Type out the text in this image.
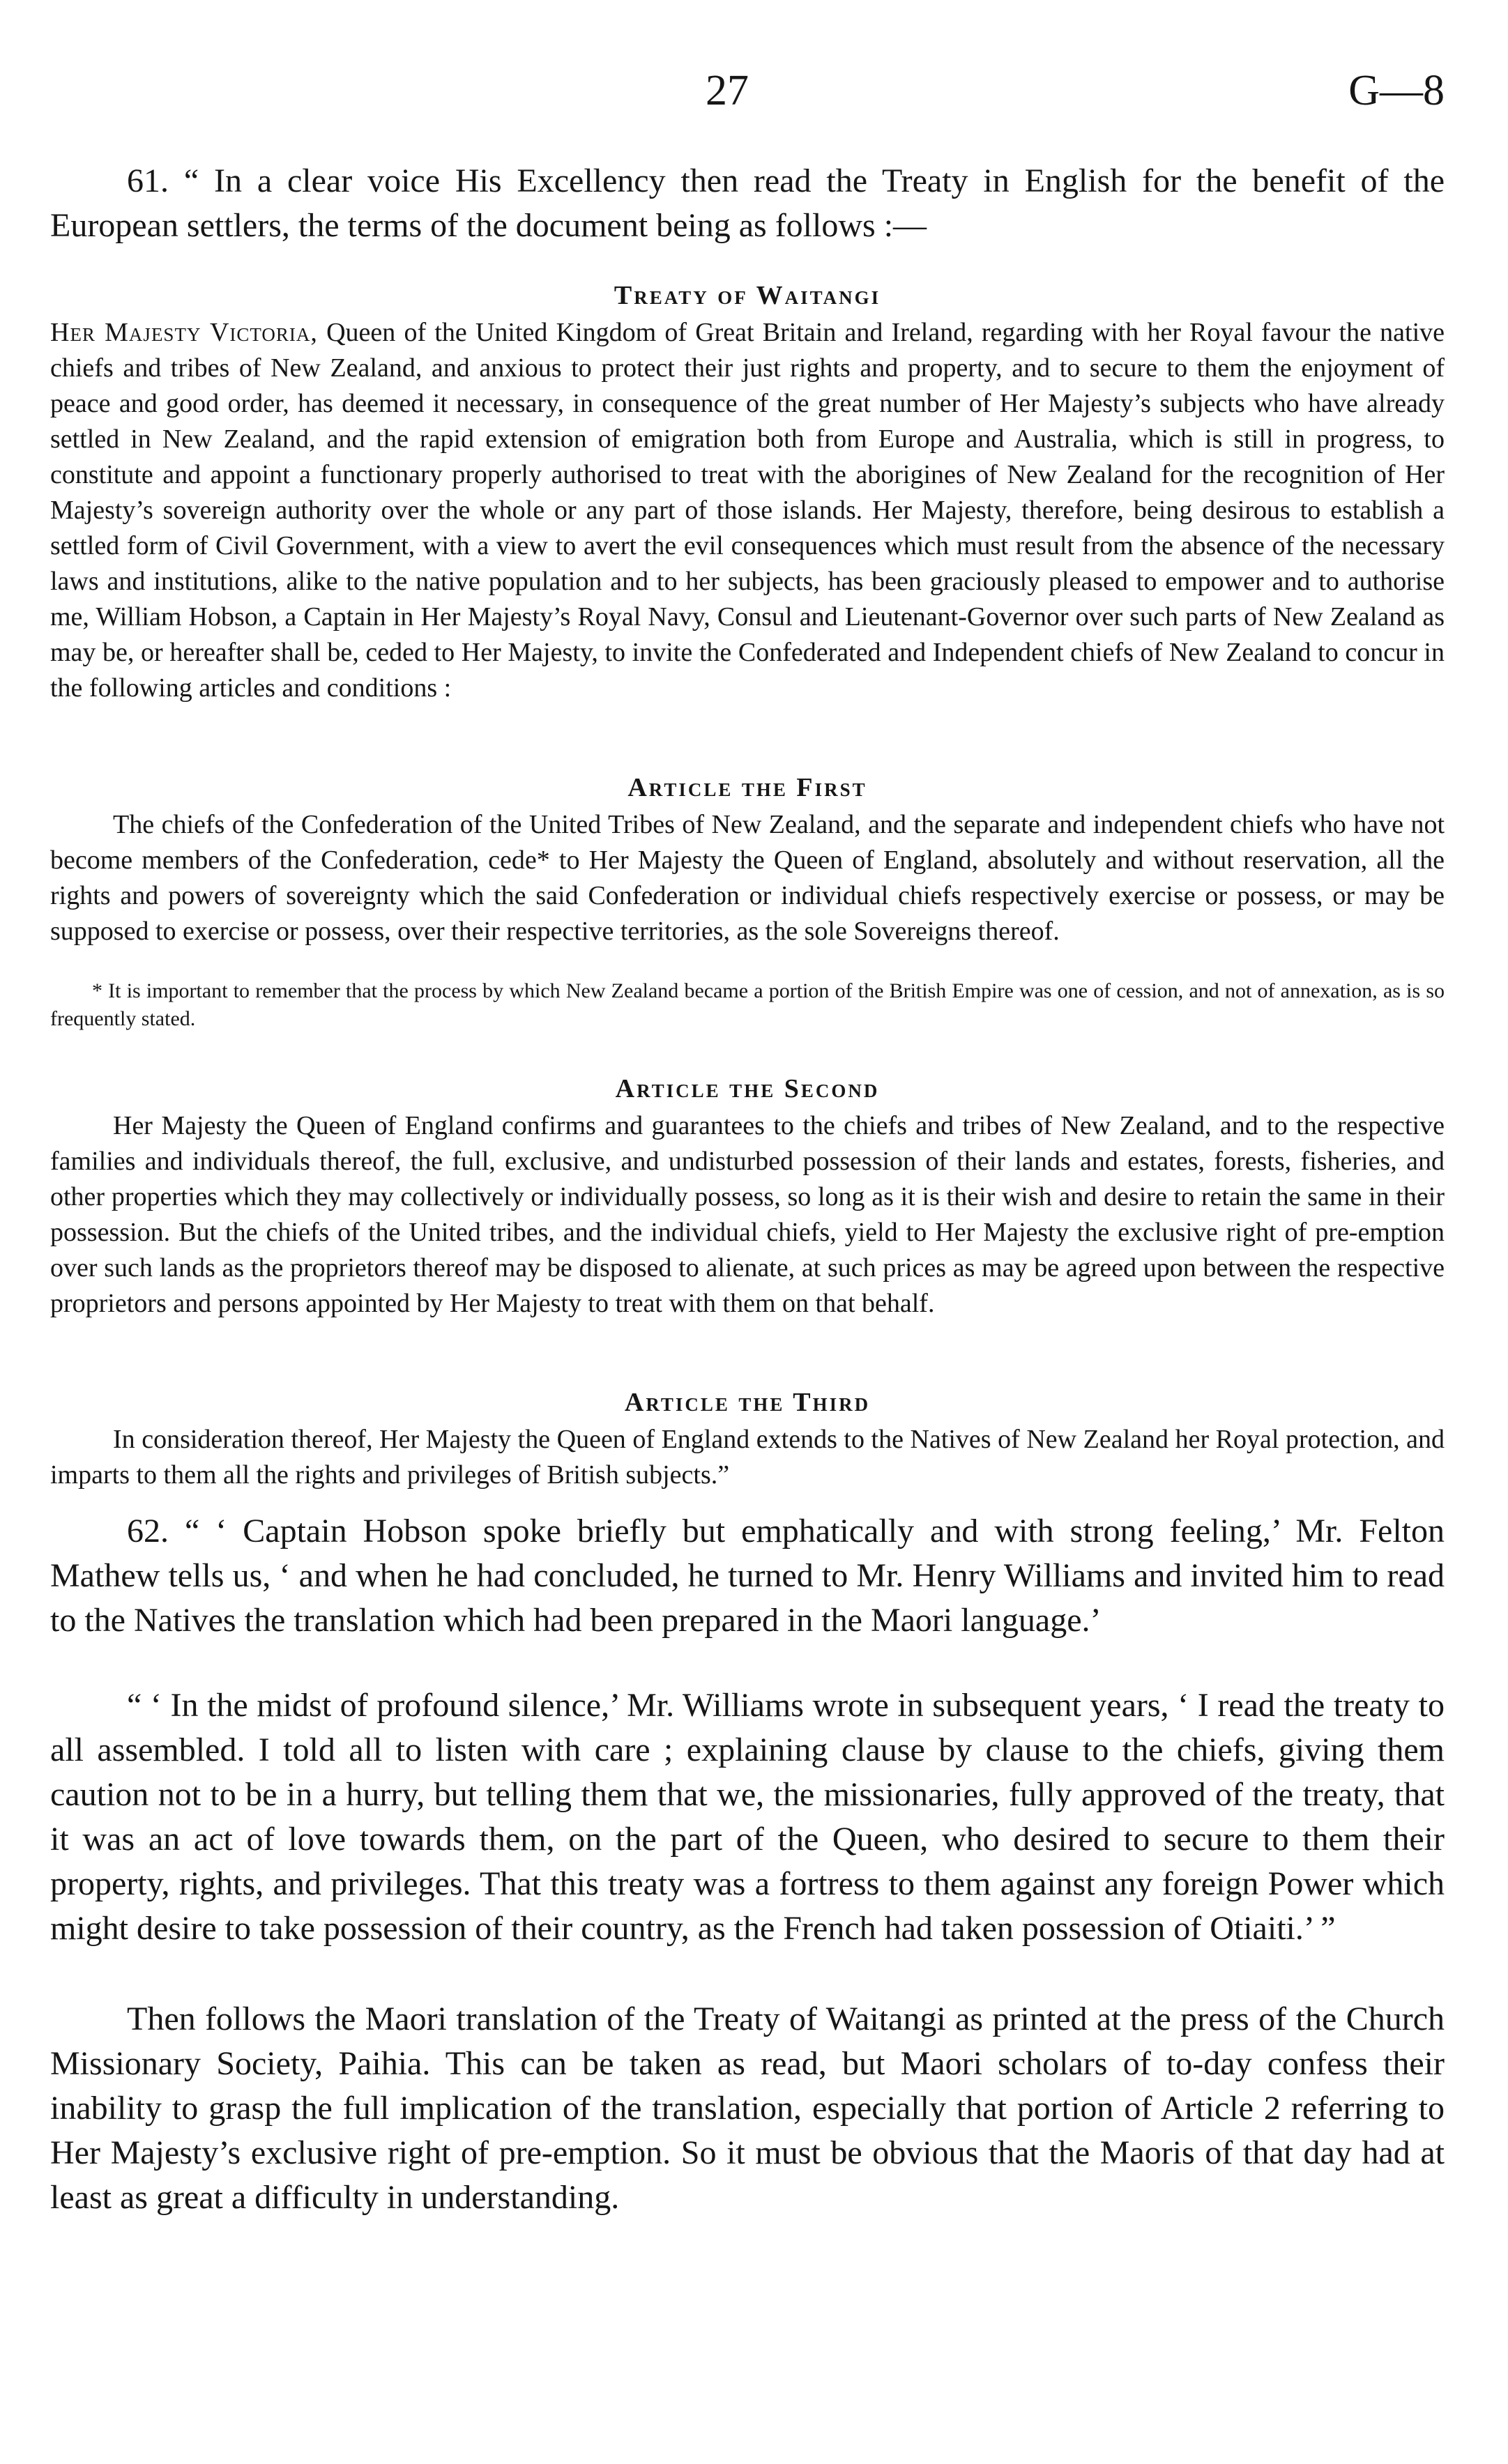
27	G—8

61. “ In a clear voice His Excellency then read the Treaty in English for the benefit of the European settlers, the terms of the document being as follows :—

Treaty of Waitangi

Her Majesty Victoria, Queen of the United Kingdom of Great Britain and Ireland, regarding with her Royal favour the native chiefs and tribes of New Zealand, and anxious to protect their just rights and property, and to secure to them the enjoyment of peace and good order, has deemed it necessary, in consequence of the great number of Her Majesty’s subjects who have already settled in New Zealand, and the rapid extension of emigration both from Europe and Australia, which is still in progress, to constitute and appoint a functionary properly authorised to treat with the aborigines of New Zealand for the recognition of Her Majesty’s sovereign authority over the whole or any part of those islands. Her Majesty, therefore, being desirous to establish a settled form of Civil Government, with a view to avert the evil consequences which must result from the absence of the necessary laws and institutions, alike to the native population and to her subjects, has been graciously pleased to empower and to authorise me, William Hobson, a Captain in Her Majesty’s Royal Navy, Consul and Lieutenant-Governor over such parts of New Zealand as may be, or hereafter shall be, ceded to Her Majesty, to invite the Confederated and Independent chiefs of New Zealand to concur in the following articles and conditions :

Article the First

The chiefs of the Confederation of the United Tribes of New Zealand, and the separate and independent chiefs who have not become members of the Confederation, cede* to Her Majesty the Queen of England, absolutely and without reservation, all the rights and powers of sovereignty which the said Confederation or individual chiefs respectively exercise or possess, or may be supposed to exercise or possess, over their respective territories, as the sole Sovereigns thereof.

* It is important to remember that the process by which New Zealand became a portion of the British Empire was one of cession, and not of annexation, as is so frequently stated.

Article the Second

Her Majesty the Queen of England confirms and guarantees to the chiefs and tribes of New Zealand, and to the respective families and individuals thereof, the full, exclusive, and undisturbed possession of their lands and estates, forests, fisheries, and other properties which they may collectively or individually possess, so long as it is their wish and desire to retain the same in their possession. But the chiefs of the United tribes, and the individual chiefs, yield to Her Majesty the exclusive right of pre-emption over such lands as the proprietors thereof may be disposed to alienate, at such prices as may be agreed upon between the respective proprietors and persons appointed by Her Majesty to treat with them on that behalf.

Article the Third

In consideration thereof, Her Majesty the Queen of England extends to the Natives of New Zealand her Royal protection, and imparts to them all the rights and privileges of British subjects.”

62. “ ‘ Captain Hobson spoke briefly but emphatically and with strong feeling,’ Mr. Felton Mathew tells us, ‘ and when he had concluded, he turned to Mr. Henry Williams and invited him to read to the Natives the translation which had been prepared in the Maori language.’

“ ‘ In the midst of profound silence,’ Mr. Williams wrote in subsequent years, ‘ I read the treaty to all assembled. I told all to listen with care ; explaining clause by clause to the chiefs, giving them caution not to be in a hurry, but telling them that we, the missionaries, fully approved of the treaty, that it was an act of love towards them, on the part of the Queen, who desired to secure to them their property, rights, and privileges. That this treaty was a fortress to them against any foreign Power which might desire to take possession of their country, as the French had taken possession of Otiaiti.’ ”

Then follows the Maori translation of the Treaty of Waitangi as printed at the press of the Church Missionary Society, Paihia. This can be taken as read, but Maori scholars of to-day confess their inability to grasp the full implication of the translation, especially that portion of Article 2 referring to Her Majesty’s exclusive right of pre-emption. So it must be obvious that the Maoris of that day had at least as great a difficulty in understanding.
